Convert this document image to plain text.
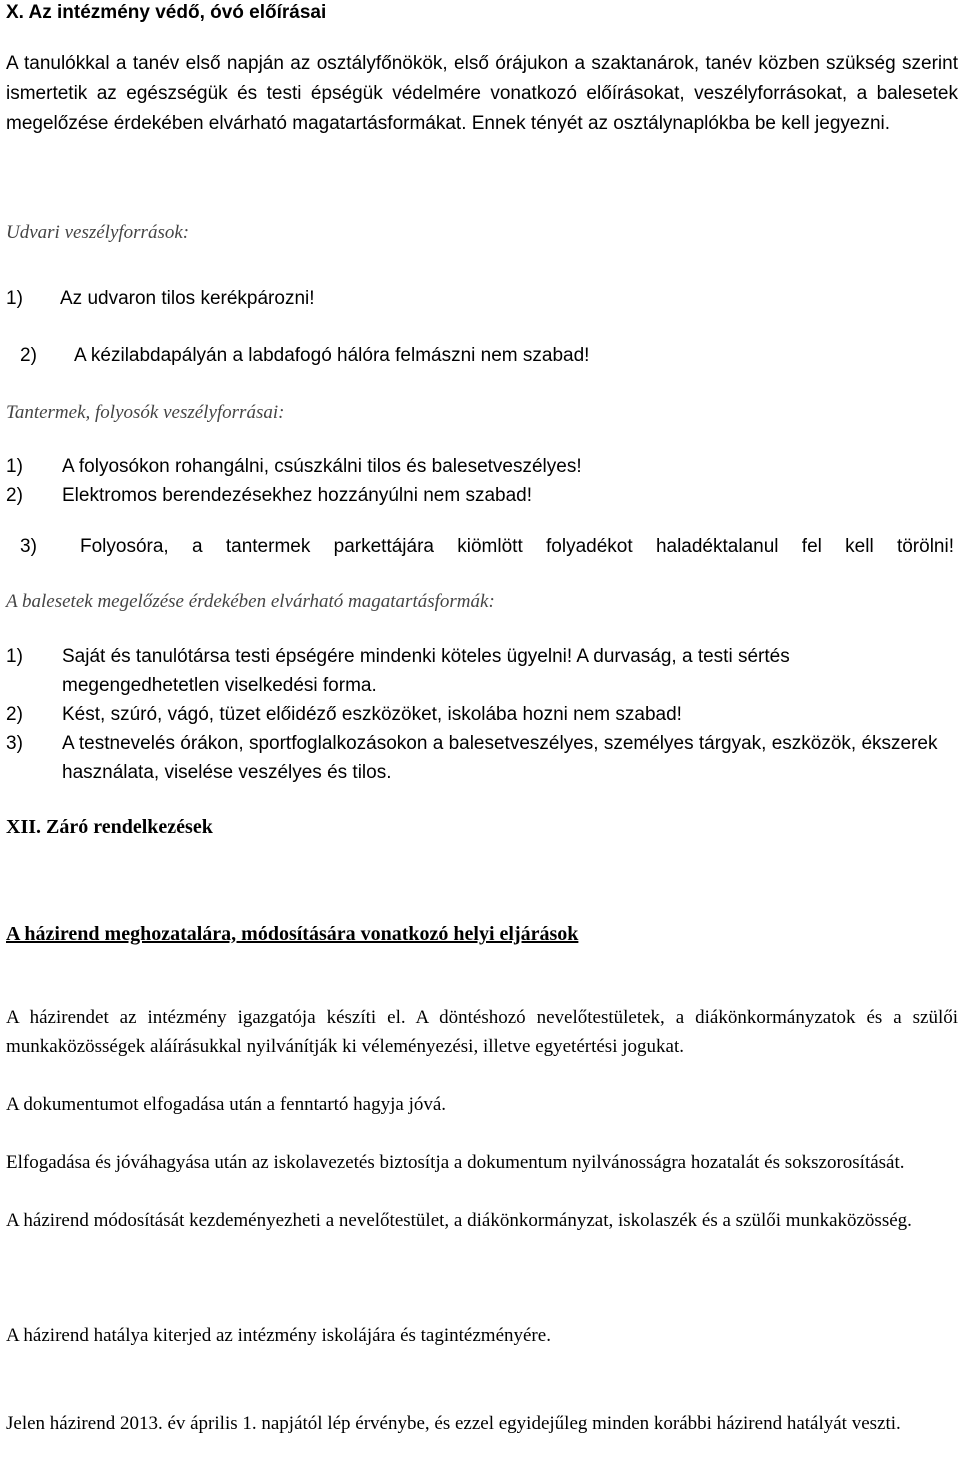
X. Az intézmény védő, óvó előírásai

A tanulókkal a tanév első napján az osztályfőnökök, első órájukon a szaktanárok, tanév közben szükség szerint ismertetik az egészségük és testi épségük védelmére vonatkozó előírásokat, veszélyforrásokat, a balesetek megelőzése érdekében elvárható magatartásformákat. Ennek tényét az osztálynaplókba be kell jegyezni.

Udvari veszélyforrások:
1) Az udvaron tilos kerékpározni!
2) A kézilabdapályán a labdafogó hálóra felmászni nem szabad!
Tantermek, folyosók veszélyforrásai:
1) A folyosókon rohangálni, csúszkálni tilos és balesetveszélyes!
2) Elektromos berendezésekhez hozzányúlni nem szabad!
3) Folyosóra, a tantermek parkettájára kiömlött folyadékot haladéktalanul fel kell törölni!
A balesetek megelőzése érdekében elvárható magatartásformák:
1) Saját és tanulótársa testi épségére mindenki köteles ügyelni! A durvaság, a testi sértés megengedhetetlen viselkedési forma.
2) Kést, szúró, vágó, tüzet előidéző eszközöket, iskolába hozni nem szabad!
3) A testnevelés órákon, sportfoglalkozásokon a balesetveszélyes, személyes tárgyak, eszközök, ékszerek használata, viselése veszélyes és tilos.
XII. Záró rendelkezések
A házirend meghozatalára, módosítására vonatkozó helyi eljárások

A házirendet az intézmény igazgatója készíti el. A döntéshozó nevelőtestületek, a diákönkormányzatok és a szülői munkaközösségek aláírásukkal nyilvánítják ki véleményezési, illetve egyetértési jogukat.

A dokumentumot elfogadása után a fenntartó hagyja jóvá.

Elfogadása és jóváhagyása után az iskolavezetés biztosítja a dokumentum nyilvánosságra hozatalát és sokszorosítását.

A házirend módosítását kezdeményezheti a nevelőtestület, a diákönkormányzat, iskolaszék és a szülői munkaközösség.

A házirend hatálya kiterjed az intézmény iskolájára és tagintézményére.

Jelen házirend 2013. év április 1. napjától lép érvénybe, és ezzel egyidejűleg minden korábbi házirend hatályát veszti.
